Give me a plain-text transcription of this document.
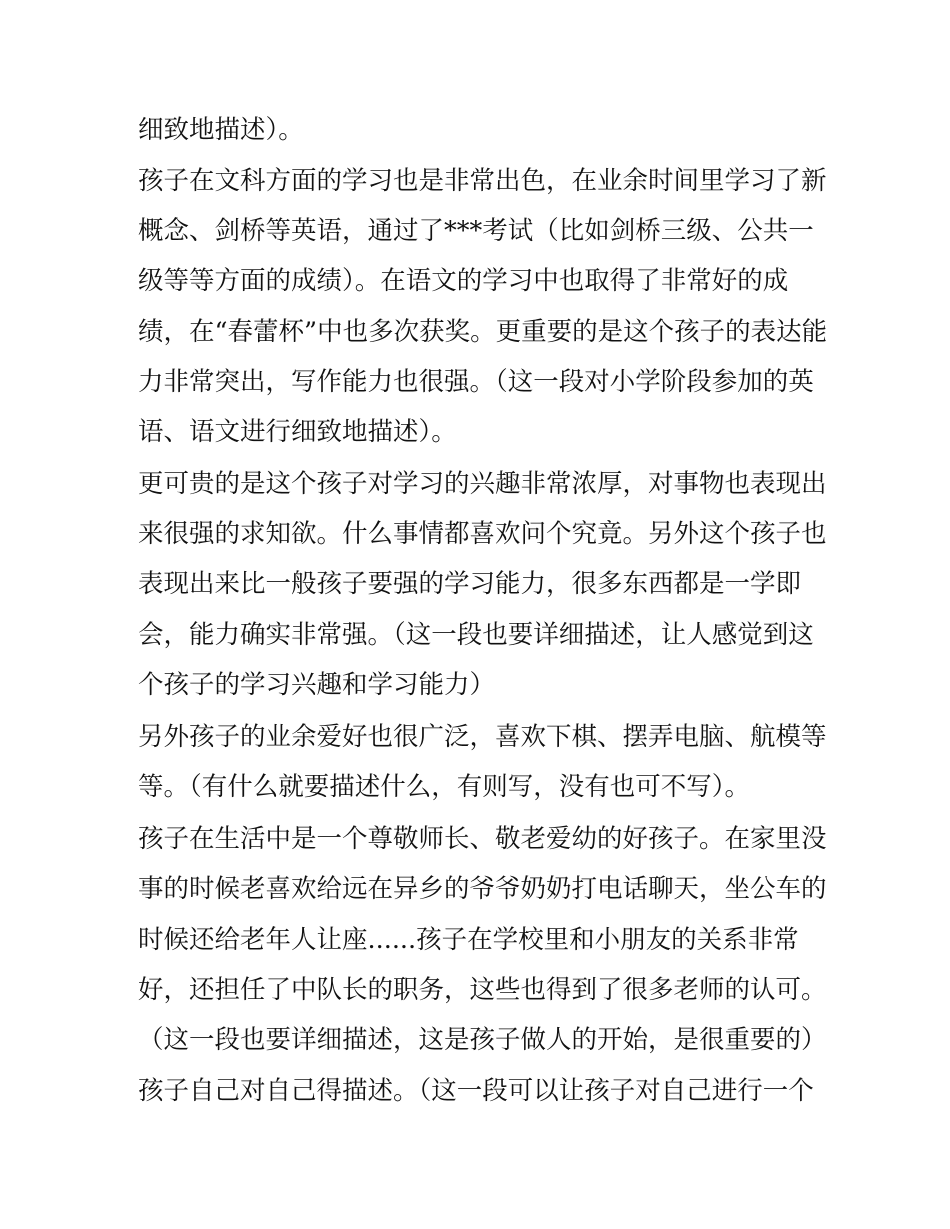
细致地描述）。
孩子在文科方面的学习也是非常出色，在业余时间里学习了新
概念、剑桥等英语，通过了***考试（比如剑桥三级、公共一
级等等方面的成绩）。在语文的学习中也取得了非常好的成
绩，在“春蕾杯”中也多次获奖。更重要的是这个孩子的表达能
力非常突出，写作能力也很强。（这一段对小学阶段参加的英
语、语文进行细致地描述）。
更可贵的是这个孩子对学习的兴趣非常浓厚，对事物也表现出
来很强的求知欲。什么事情都喜欢问个究竟。另外这个孩子也
表现出来比一般孩子要强的学习能力，很多东西都是一学即
会，能力确实非常强。（这一段也要详细描述，让人感觉到这
个孩子的学习兴趣和学习能力）
另外孩子的业余爱好也很广泛，喜欢下棋、摆弄电脑、航模等
等。（有什么就要描述什么，有则写，没有也可不写）。
孩子在生活中是一个尊敬师长、敬老爱幼的好孩子。在家里没
事的时候老喜欢给远在异乡的爷爷奶奶打电话聊天，坐公车的
时候还给老年人让座......孩子在学校里和小朋友的关系非常
好，还担任了中队长的职务，这些也得到了很多老师的认可。
（这一段也要详细描述，这是孩子做人的开始，是很重要的）
孩子自己对自己得描述。（这一段可以让孩子对自己进行一个
